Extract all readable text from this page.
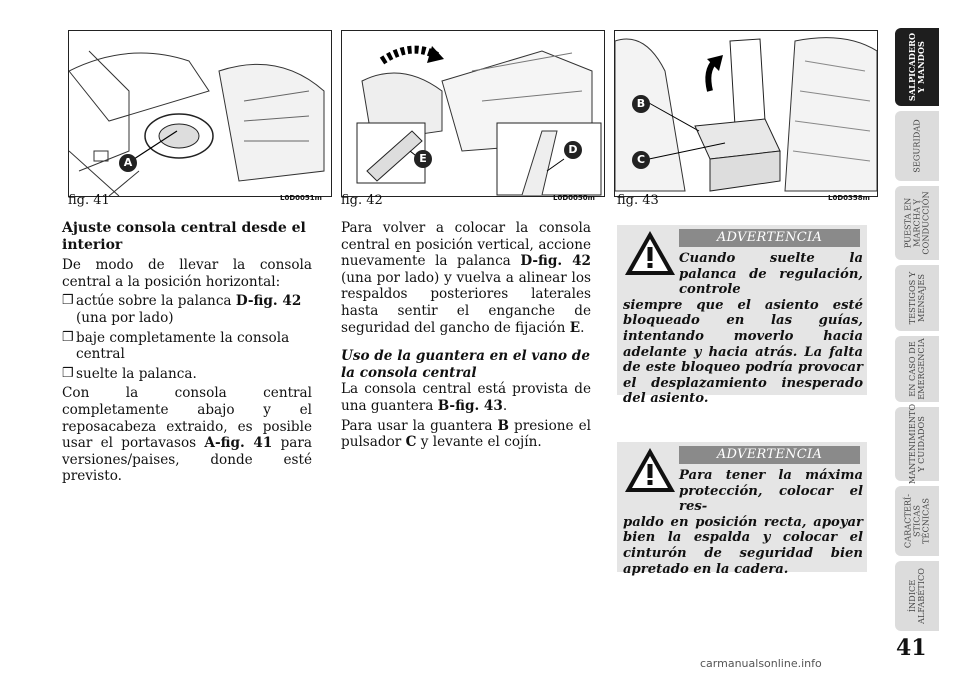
A
fig. 41	L0D0051m
E
D
fig. 42	L0D0050m
B
C
fig. 43	L0D0358m
Ajuste consola central desde el interior

De modo de llevar la consola central a la posición horizontal:

❒ actúe sobre la palanca D-fig. 42 (una por lado)
❒ baje completamente la consola central
❒ suelte la palanca.

Con la consola central completamente abajo y el reposacabeza extraido, es posible usar el portavasos A-fig. 41 para versiones/paises, donde esté previsto.

Para volver a colocar la consola central en posición vertical, accione nuevamente la palanca D-fig. 42 (una por lado) y vuelva a alinear los respaldos posteriores laterales hasta sentir el enganche de seguridad del gancho de fijación E.

Uso de la guantera en el vano de la consola central

La consola central está provista de una guantera B-fig. 43.

Para usar la guantera B presione el pulsador C y levante el cojín.

ADVERTENCIA
Cuando suelte la palanca de regulación, controle
siempre que el asiento esté bloqueado en las guías, intentando moverlo hacia adelante y hacia atrás. La falta de este bloqueo podría provocar el desplazamiento inesperado del asiento.
ADVERTENCIA
Para tener la máxima protección, colocar el res-
paldo en posición recta, apoyar bien la espalda y colocar el cinturón de seguridad bien apretado en la cadera.
SALPICADERO
Y MANDOS
SEGURIDAD
PUESTA EN
MARCHA Y
CONDUCCIÓN
TESTIGOS Y
MENSAJES
EN CASO DE
EMERGENCIA
MANTENIMIENTO
Y CUIDADOS
CARACTERÍ-
STICAS
TÉCNICAS
ÍNDICE
ALFABÉTICO
41
carmanualsonline.info
